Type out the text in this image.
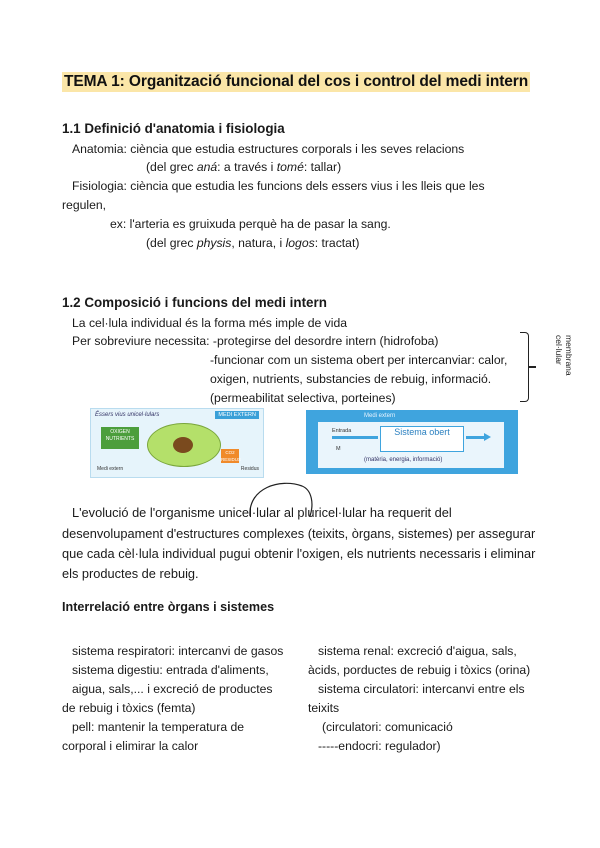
TEMA 1: Organització funcional del cos i control del medi intern
1.1 Definició d'anatomia i fisiologia
Anatomia: ciència que estudia estructures corporals i les seves relacions
(del grec aná: a través i tomé: tallar)
Fisiologia: ciència que estudia les funcions dels essers vius i les lleis que les
regulen,
ex: l'arteria es gruixuda perquè ha de pasar la sang.
(del grec physis, natura, i logos: tractat)
1.2 Composició i funcions del medi intern
La cel·lula individual és la forma més imple de vida
Per sobreviure necessita: -protegirse del desordre intern (hidrofoba)
-funcionar com un sistema obert per intercanviar: calor,
oxigen, nutrients, substancies de rebuig, informació.
(permeabilitat selectiva, porteines)
membrana cel·lular
Éssers vius unicel·lulars	MEDI EXTERN
OXIGEN NUTRIENTS
CO2 RESIDUS
Medi extern	Residus
Medi extern
Entrada
M
Sistema obert
(matèria, energia, informació)
L'evolució de l'organisme unicel·lular al pluricel·lular ha requerit del
desenvolupament d'estructures complexes (teixits, òrgans, sistemes) per assegurar
que cada cèl·lula individual pugui obtenir l'oxigen, els nutrients necessaris i eliminar
els productes de rebuig.
Interrelació entre òrgans i sistemes
sistema respiratori: intercanvi de gasos
sistema digestiu: entrada d'aliments,
aigua, sals,... i excreció de productes
de rebuig i tòxics (femta)
pell: mantenir la temperatura de
corporal i elimirar la calor
sistema renal: excreció d'aigua, sals,
àcids, porductes de rebuig i tòxics (orina)
sistema circulatori: intercanvi entre els
teixits
(circulatori: comunicació
-----endocri: regulador)
